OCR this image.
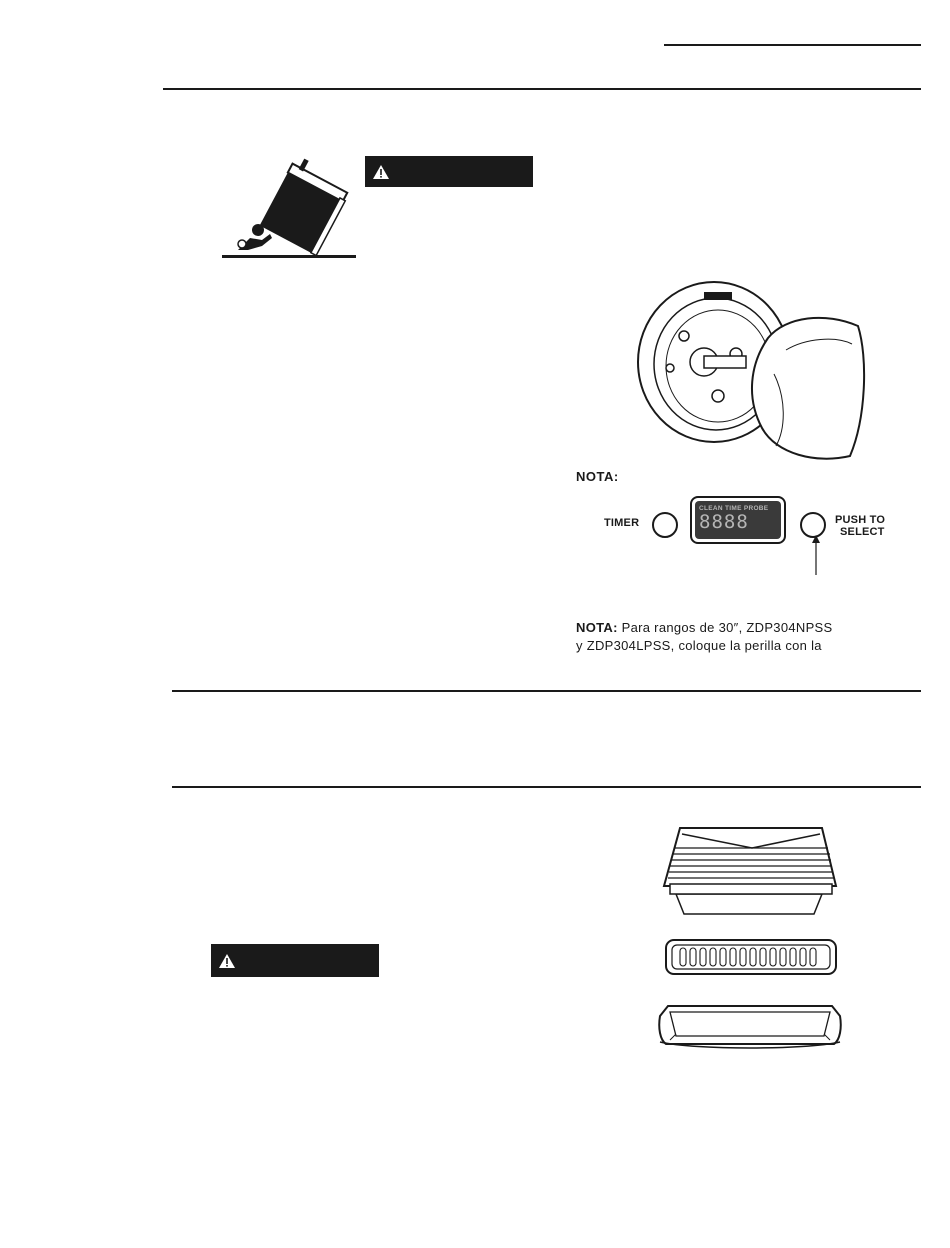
NOTA:
TIMER
CLEAN TIME PROBE
8888	PUSH TO
SELECT
NOTA: Para rangos de 30″, ZDP304NPSS
y ZDP304LPSS, coloque la perilla con la
